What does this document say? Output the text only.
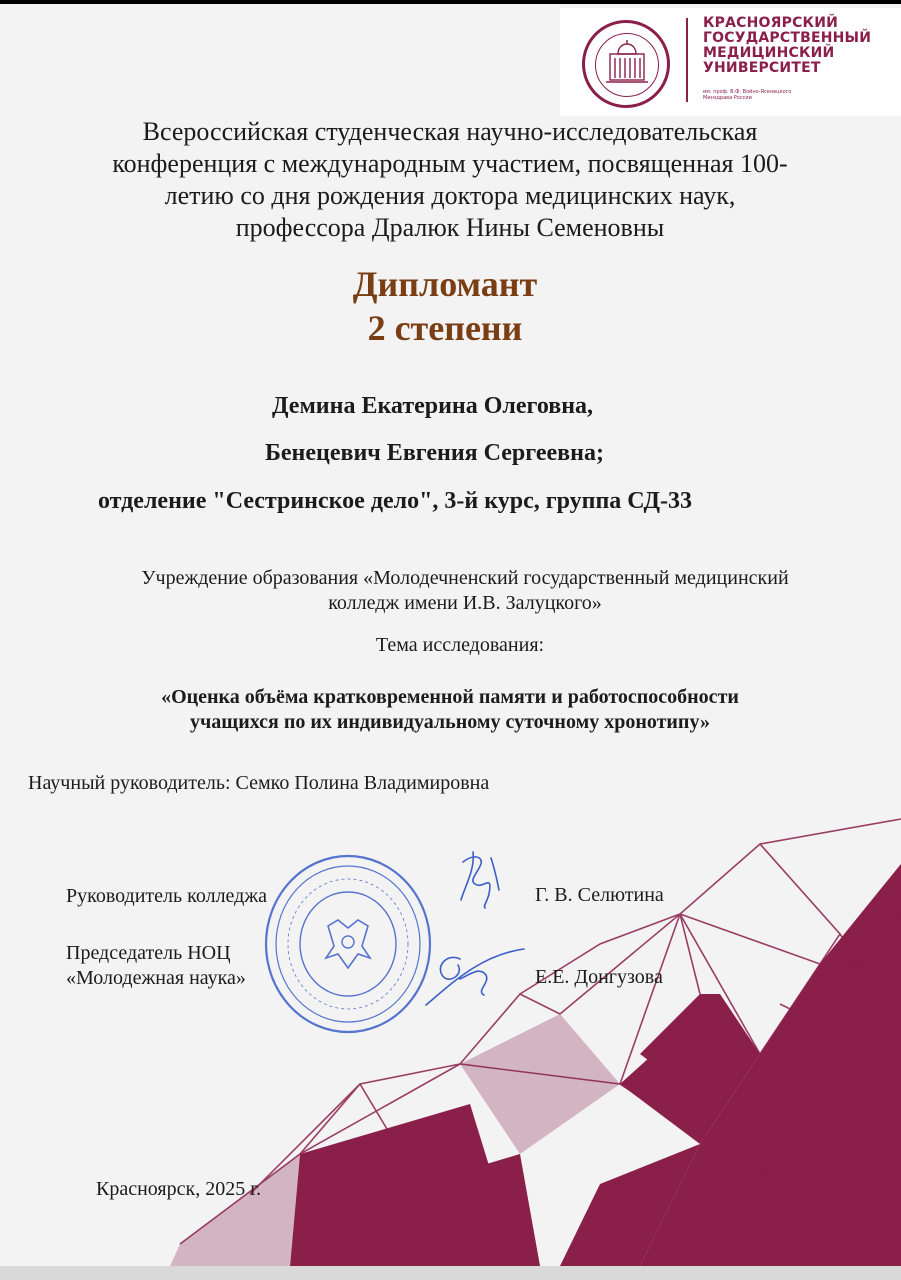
КРАСНОЯРСКИЙ
ГОСУДАРСТВЕННЫЙ
МЕДИЦИНСКИЙ
УНИВЕРСИТЕТ
им. проф. В.Ф. Войно-Ясенецкого
Минздрава России
Всероссийская студенческая научно-исследовательская
конференция с международным участием, посвященная 100-
летию со дня рождения доктора медицинских наук,
профессора Дралюк Нины Семеновны
Дипломант
2 степени
Демина Екатерина Олеговна,
Бенецевич Евгения Сергеевна;
отделение "Сестринское дело", 3-й курс, группа СД-33
Учреждение образования «Молодечненский государственный медицинский
колледж имени И.В. Залуцкого»
Тема исследования:
«Оценка объёма кратковременной памяти и работоспособности
учащихся по их индивидуальному суточному хронотипу»
Научный руководитель: Семко Полина Владимировна
Руководитель колледжа	Г. В. Селютина
Председатель НОЦ
«Молодежная наука»	Е.Е. Донгузова
Красноярск, 2025 г.
